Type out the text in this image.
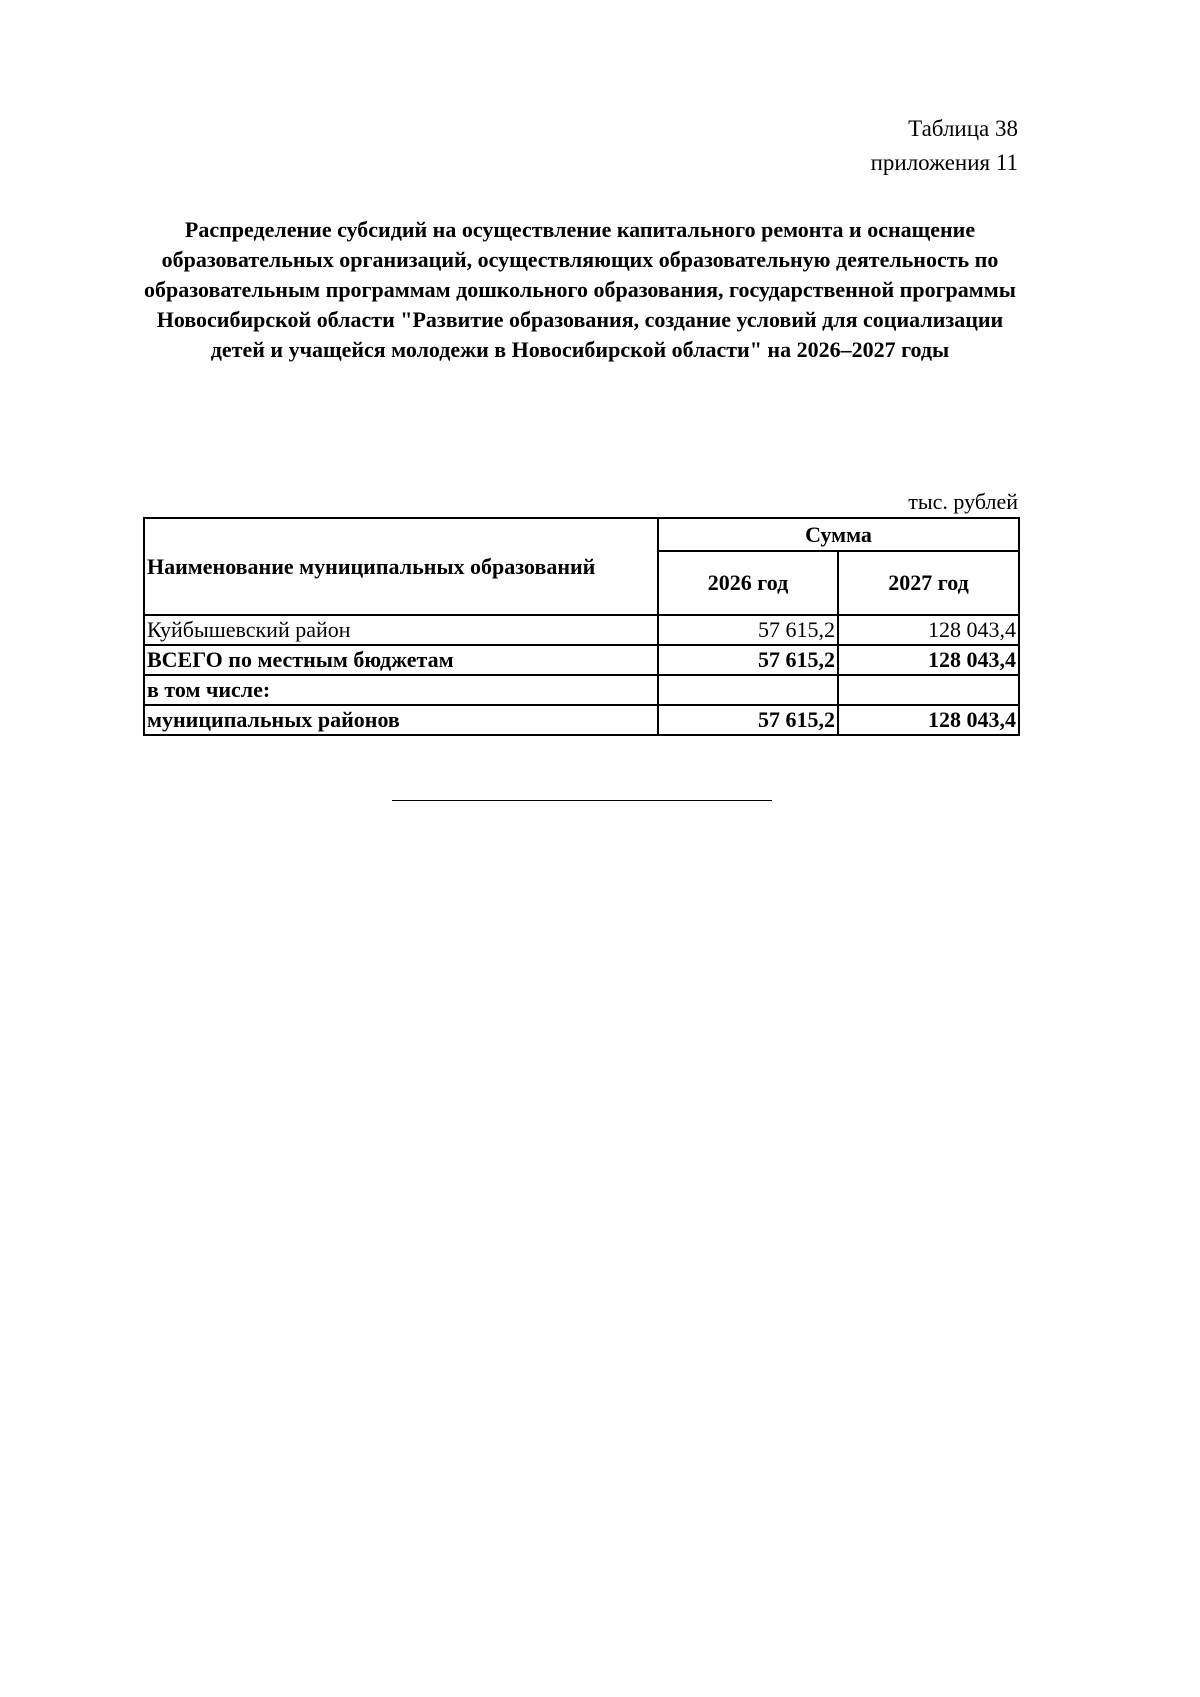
Таблица 38
приложения 11
Распределение субсидий на осуществление капитального ремонта и оснащение образовательных организаций, осуществляющих образовательную деятельность по образовательным программам дошкольного образования, государственной программы Новосибирской области "Развитие образования, создание условий для социализации детей и учащейся молодежи в Новосибирской области" на 2026–2027 годы
тыс. рублей
Наименование муниципальных образований	Сумма	
	2026 год	2027 год
Куйбышевский район	57 615,2	128 043,4
ВСЕГО по местным бюджетам	57 615,2	128 043,4
в том числе:		
муниципальных районов	57 615,2	128 043,4
